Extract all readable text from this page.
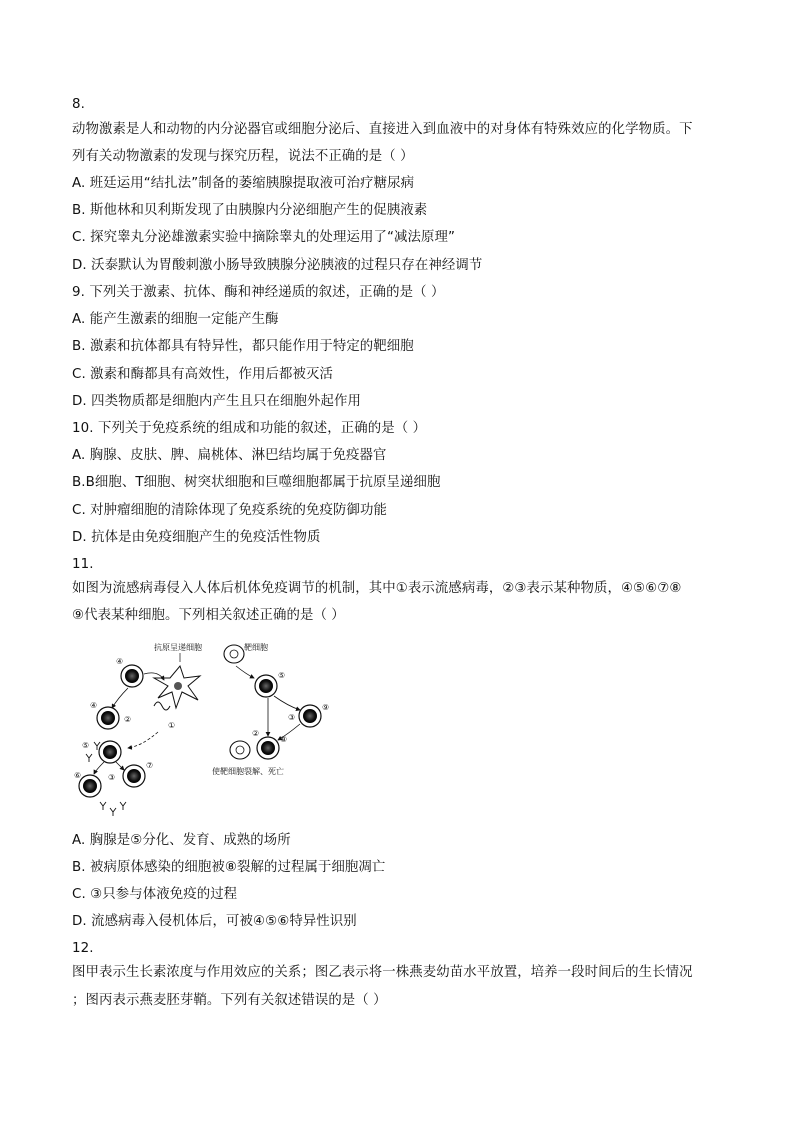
8.
动物激素是人和动物的内分泌器官或细胞分泌后、直接进入到血液中的对身体有特殊效应的化学物质。下
列有关动物激素的发现与探究历程，说法不正确的是（ ）
A. 班廷运用“结扎法”制备的萎缩胰腺提取液可治疗糖尿病
B. 斯他林和贝利斯发现了由胰腺内分泌细胞产生的促胰液素
C. 探究睾丸分泌雄激素实验中摘除睾丸的处理运用了“减法原理”
D. 沃泰默认为胃酸刺激小肠导致胰腺分泌胰液的过程只存在神经调节
9. 下列关于激素、抗体、酶和神经递质的叙述，正确的是（ ）
A. 能产生激素的细胞一定能产生酶
B. 激素和抗体都具有特异性，都只能作用于特定的靶细胞
C. 激素和酶都具有高效性，作用后都被灭活
D. 四类物质都是细胞内产生且只在细胞外起作用
10. 下列关于免疫系统的组成和功能的叙述，正确的是（ ）
A. 胸腺、皮肤、脾、扁桃体、淋巴结均属于免疫器官
B.B细胞、T细胞、树突状细胞和巨噬细胞都属于抗原呈递细胞
C. 对肿瘤细胞的清除体现了免疫系统的免疫防御功能
D. 抗体是由免疫细胞产生的免疫活性物质
11.
如图为流感病毒侵入人体后机体免疫调节的机制，其中①表示流感病毒，②③表示某种物质，④⑤⑥⑦⑧
⑨代表某种细胞。下列相关叙述正确的是（ ）
抗原呈递细胞
④
④
②
①
⑤
⑦
⑥	③
靶细胞
⑤
⑨
③
②
⑧
使靶细胞裂解、死亡
A. 胸腺是⑤分化、发育、成熟的场所
B. 被病原体感染的细胞被⑧裂解的过程属于细胞凋亡
C. ③只参与体液免疫的过程
D. 流感病毒入侵机体后，可被④⑤⑥特异性识别
12.
图甲表示生长素浓度与作用效应的关系；图乙表示将一株燕麦幼苗水平放置，培养一段时间后的生长情况
；图丙表示燕麦胚芽鞘。下列有关叙述错误的是（ ）
